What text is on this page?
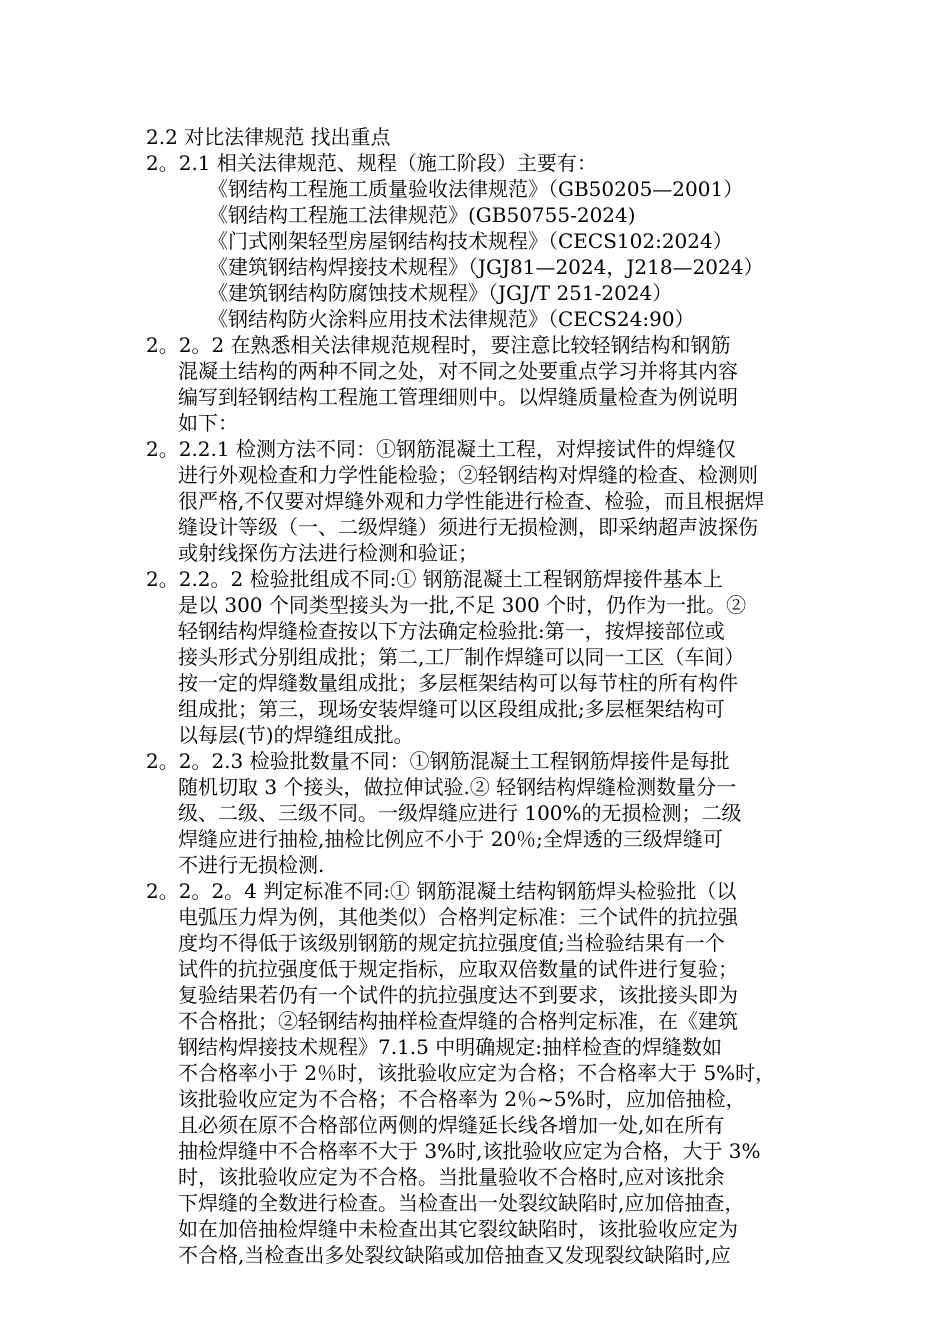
2.2 对比法律规范 找出重点
2。2.1 相关法律规范、规程（施工阶段）主要有：
《钢结构工程施工质量验收法律规范》（GB50205—2001）
《钢结构工程施工法律规范》(GB50755-2024)
《门式刚架轻型房屋钢结构技术规程》（CECS102:2024）
《建筑钢结构焊接技术规程》（JGJ81—2024，J218—2024）
《建筑钢结构防腐蚀技术规程》（JGJ/T 251-2024）
《钢结构防火涂料应用技术法律规范》（CECS24:90）
2。2。2 在熟悉相关法律规范规程时，要注意比较轻钢结构和钢筋
混凝土结构的两种不同之处，对不同之处要重点学习并将其内容
编写到轻钢结构工程施工管理细则中。以焊缝质量检查为例说明
如下：
2。2.2.1 检测方法不同：①钢筋混凝土工程，对焊接试件的焊缝仅
进行外观检查和力学性能检验；②轻钢结构对焊缝的检查、检测则
很严格,不仅要对焊缝外观和力学性能进行检查、检验，而且根据焊
缝设计等级（一、二级焊缝）须进行无损检测，即采纳超声波探伤
或射线探伤方法进行检测和验证；
2。2.2。2 检验批组成不同:① 钢筋混凝土工程钢筋焊接件基本上
是以 300 个同类型接头为一批,不足 300 个时，仍作为一批。②
轻钢结构焊缝检查按以下方法确定检验批:第一，按焊接部位或
接头形式分别组成批；第二,工厂制作焊缝可以同一工区（车间）
按一定的焊缝数量组成批；多层框架结构可以每节柱的所有构件
组成批；第三，现场安装焊缝可以区段组成批;多层框架结构可
以每层(节)的焊缝组成批。
2。2。2.3 检验批数量不同：①钢筋混凝土工程钢筋焊接件是每批
随机切取 3 个接头，做拉伸试验.② 轻钢结构焊缝检测数量分一
级、二级、三级不同。一级焊缝应进行 100%的无损检测；二级
焊缝应进行抽检,抽检比例应不小于 20％;全焊透的三级焊缝可
不进行无损检测.
2。2。2。4 判定标准不同:① 钢筋混凝土结构钢筋焊头检验批（以
电弧压力焊为例，其他类似）合格判定标准：三个试件的抗拉强
度均不得低于该级别钢筋的规定抗拉强度值;当检验结果有一个
试件的抗拉强度低于规定指标，应取双倍数量的试件进行复验；
复验结果若仍有一个试件的抗拉强度达不到要求，该批接头即为
不合格批；②轻钢结构抽样检查焊缝的合格判定标准，在《建筑
钢结构焊接技术规程》7.1.5 中明确规定:抽样检查的焊缝数如
不合格率小于 2％时，该批验收应定为合格；不合格率大于 5%时，
该批验收应定为不合格；不合格率为 2％~5%时，应加倍抽检，
且必须在原不合格部位两侧的焊缝延长线各增加一处,如在所有
抽检焊缝中不合格率不大于 3%时,该批验收应定为合格，大于 3%
时，该批验收应定为不合格。当批量验收不合格时,应对该批余
下焊缝的全数进行检查。当检查出一处裂纹缺陷时,应加倍抽查，
如在加倍抽检焊缝中未检查出其它裂纹缺陷时，该批验收应定为
不合格,当检查出多处裂纹缺陷或加倍抽查又发现裂纹缺陷时,应
